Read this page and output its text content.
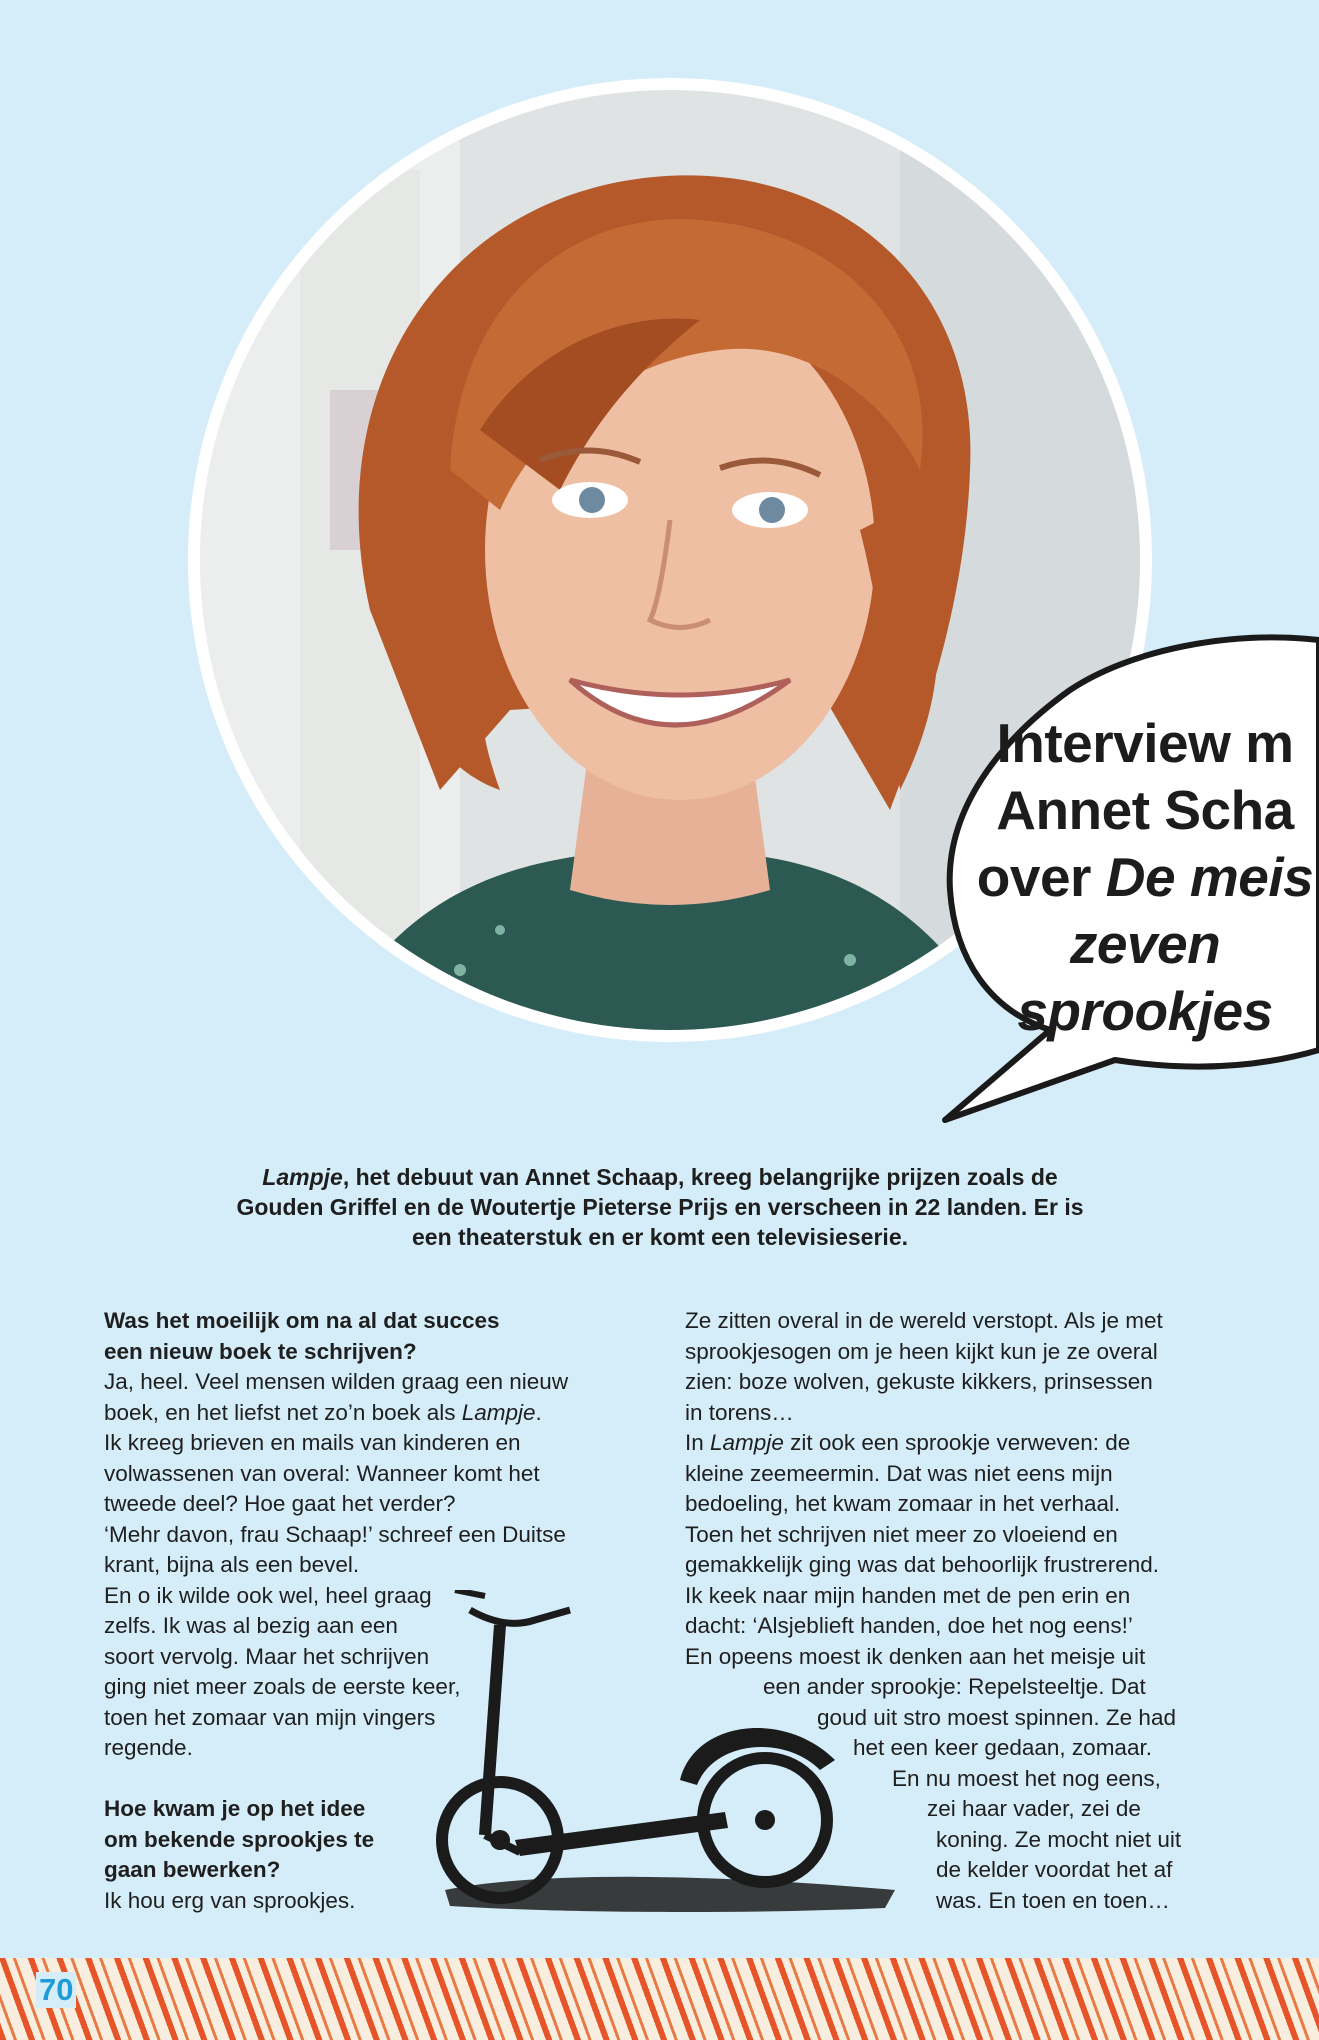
Interview m
Annet Scha
over De meis
zeven
sprookjes
Lampje, het debuut van Annet Schaap, kreeg belangrijke prijzen zoals de Gouden Griffel en de Woutertje Pieterse Prijs en verscheen in 22 landen. Er is een theaterstuk en er komt een televisieserie.

Was het moeilijk om na al dat succes
een nieuw boek te schrijven?

Ja, heel. Veel mensen wilden graag een nieuw
boek, en het liefst net zo’n boek als Lampje.
Ik kreeg brieven en mails van kinderen en
volwassenen van overal: Wanneer komt het
tweede deel? Hoe gaat het verder?
‘Mehr davon, frau Schaap!’ schreef een Duitse
krant, bijna als een bevel.
En o ik wilde ook wel, heel graag
zelfs. Ik was al bezig aan een
soort vervolg. Maar het schrijven
ging niet meer zoals de eerste keer,
toen het zomaar van mijn vingers
regende.

Hoe kwam je op het idee
om bekende sprookjes te
gaan bewerken?

Ik hou erg van sprookjes.

Ze zitten overal in de wereld verstopt. Als je met
sprookjesogen om je heen kijkt kun je ze overal
zien: boze wolven, gekuste kikkers, prinsessen
in torens…
In Lampje zit ook een sprookje verweven: de
kleine zeemeermin. Dat was niet eens mijn
bedoeling, het kwam zomaar in het verhaal.
Toen het schrijven niet meer zo vloeiend en
gemakkelijk ging was dat behoorlijk frustrerend.
Ik keek naar mijn handen met de pen erin en
dacht: ‘Alsjeblieft handen, doe het nog eens!’
En opeens moest ik denken aan het meisje uit

een ander sprookje: Repelsteeltje. Dat
goud uit stro moest spinnen. Ze had
het een keer gedaan, zomaar.
En nu moest het nog eens,
zei haar vader, zei de
koning. Ze mocht niet uit
de kelder voordat het af
was. En toen en toen…
70
